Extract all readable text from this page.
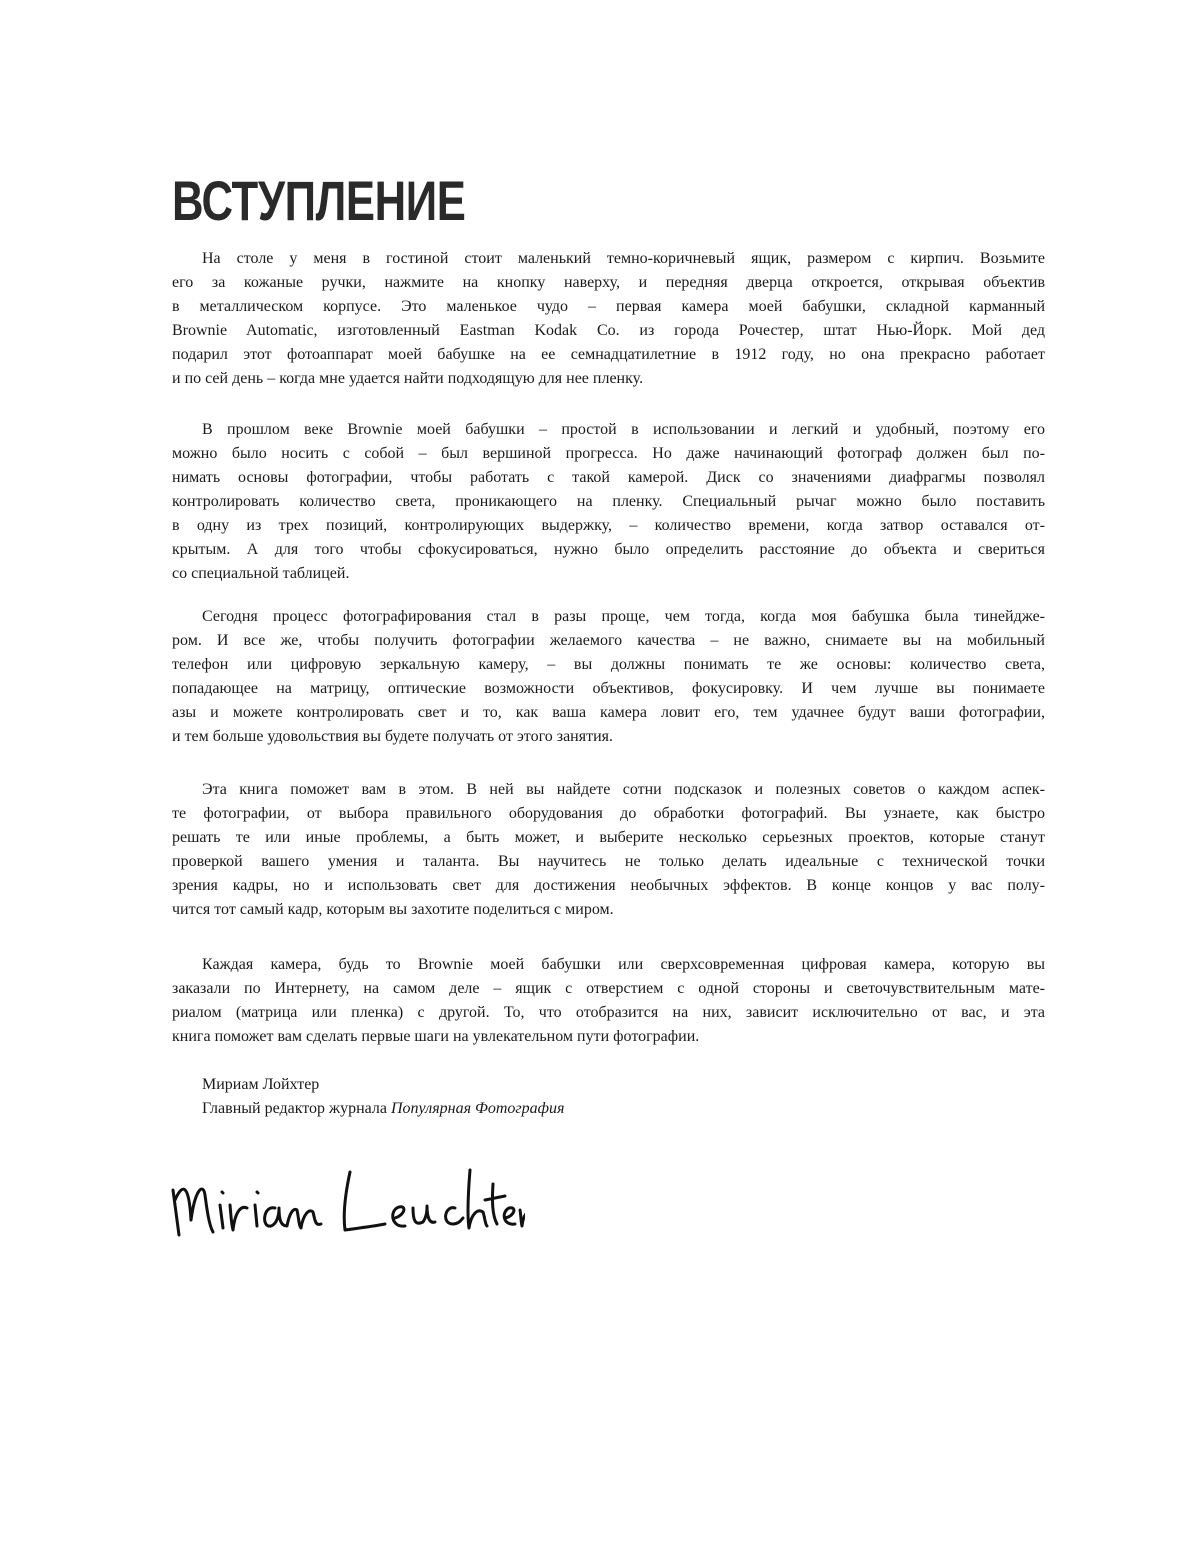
ВСТУПЛЕНИЕ
На столе у меня в гостиной стоит маленький темно-коричневый ящик, размером с кирпич. Возьмите
его за кожаные ручки, нажмите на кнопку наверху, и передняя дверца откроется, открывая объектив
в металлическом корпусе. Это маленькое чудо – первая камера моей бабушки, складной карманный
Brownie Automatic, изготовленный Eastman Kodak Co. из города Рочестер, штат Нью-Йорк. Мой дед
подарил этот фотоаппарат моей бабушке на ее семнадцатилетние в 1912 году, но она прекрасно работает
и по сей день – когда мне удается найти подходящую для нее пленку.
В прошлом веке Brownie моей бабушки – простой в использовании и легкий и удобный, поэтому его
можно было носить с собой – был вершиной прогресса. Но даже начинающий фотограф должен был по-
нимать основы фотографии, чтобы работать с такой камерой. Диск со значениями диафрагмы позволял
контролировать количество света, проникающего на пленку. Специальный рычаг можно было поставить
в одну из трех позиций, контролирующих выдержку, – количество времени, когда затвор оставался от-
крытым. А для того чтобы сфокусироваться, нужно было определить расстояние до объекта и свериться
со специальной таблицей.
Сегодня процесс фотографирования стал в разы проще, чем тогда, когда моя бабушка была тинейдже-
ром. И все же, чтобы получить фотографии желаемого качества – не важно, снимаете вы на мобильный
телефон или цифровую зеркальную камеру, – вы должны понимать те же основы: количество света,
попадающее на матрицу, оптические возможности объективов, фокусировку. И чем лучше вы понимаете
азы и можете контролировать свет и то, как ваша камера ловит его, тем удачнее будут ваши фотографии,
и тем больше удовольствия вы будете получать от этого занятия.
Эта книга поможет вам в этом. В ней вы найдете сотни подсказок и полезных советов о каждом аспек-
те фотографии, от выбора правильного оборудования до обработки фотографий. Вы узнаете, как быстро
решать те или иные проблемы, а быть может, и выберите несколько серьезных проектов, которые станут
проверкой вашего умения и таланта. Вы научитесь не только делать идеальные с технической точки
зрения кадры, но и использовать свет для достижения необычных эффектов. В конце концов у вас полу-
чится тот самый кадр, которым вы захотите поделиться с миром.
Каждая камера, будь то Brownie моей бабушки или сверхсовременная цифровая камера, которую вы
заказали по Интернету, на самом деле – ящик с отверстием с одной стороны и светочувствительным мате-
риалом (матрица или пленка) с другой. То, что отобразится на них, зависит исключительно от вас, и эта
книга поможет вам сделать первые шаги на увлекательном пути фотографии.
Мириам Лойхтер
Главный редактор журнала Популярная Фотография
